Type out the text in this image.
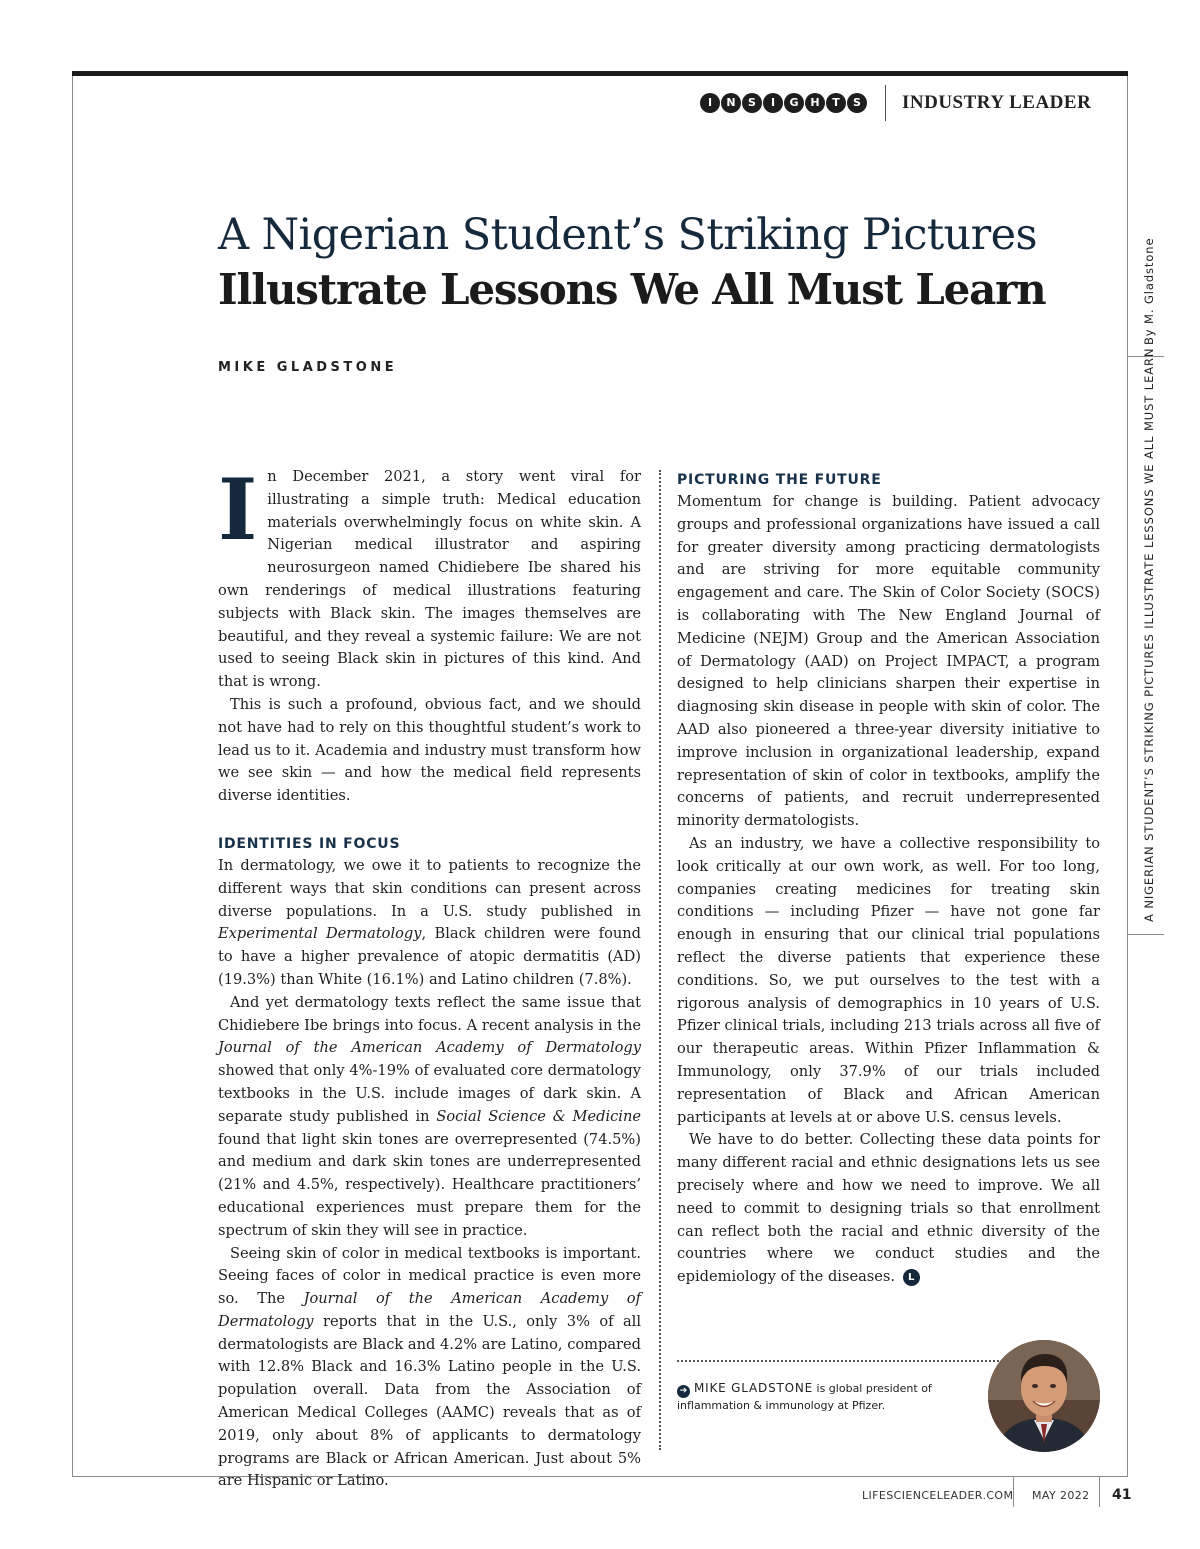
I	N	S	I	G	H	T	S	INDUSTRY LEADER
A Nigerian Student’s Striking Pictures
Illustrate Lessons We All Must Learn
MIKE GLADSTONE
I n December 2021, a story went viral for illustrating a simple truth: Medical education materials overwhelmingly focus on white skin. A Nigerian medical illustrator and aspiring neurosurgeon named Chidiebere Ibe shared his own renderings of medical illustrations featuring subjects with Black skin. The images themselves are beautiful, and they reveal a systemic failure: We are not used to seeing Black skin in pictures of this kind. And that is wrong.

This is such a profound, obvious fact, and we should not have had to rely on this thoughtful student’s work to lead us to it. Academia and industry must transform how we see skin — and how the medical field represents diverse identities.

IDENTITIES IN FOCUS

In dermatology, we owe it to patients to recognize the different ways that skin conditions can present across diverse populations. In a U.S. study published in Experimental Dermatology, Black children were found to have a higher prevalence of atopic dermatitis (AD) (19.3%) than White (16.1%) and Latino children (7.8%).

And yet dermatology texts reflect the same issue that Chidiebere Ibe brings into focus. A recent analysis in the Journal of the American Academy of Dermatology showed that only 4%-19% of evaluated core dermatology textbooks in the U.S. include images of dark skin. A separate study published in Social Science & Medicine found that light skin tones are overrepresented (74.5%) and medium and dark skin tones are underrepresented (21% and 4.5%, respectively). Healthcare practitioners’ educational experiences must prepare them for the spectrum of skin they will see in practice.

Seeing skin of color in medical textbooks is important. Seeing faces of color in medical practice is even more so. The Journal of the American Academy of Dermatology reports that in the U.S., only 3% of all dermatologists are Black and 4.2% are Latino, compared with 12.8% Black and 16.3% Latino people in the U.S. population overall. Data from the Association of American Medical Colleges (AAMC) reveals that as of 2019, only about 8% of applicants to dermatology programs are Black or African American. Just about 5% are Hispanic or Latino.

PICTURING THE FUTURE

Momentum for change is building. Patient advocacy groups and professional organizations have issued a call for greater diversity among practicing dermatologists and are striving for more equitable community engagement and care. The Skin of Color Society (SOCS) is collaborating with The New England Journal of Medicine (NEJM) Group and the American Association of Dermatology (AAD) on Project IMPACT, a program designed to help clinicians sharpen their expertise in diagnosing skin disease in people with skin of color. The AAD also pioneered a three-year diversity initiative to improve inclusion in organizational leadership, expand representation of skin of color in textbooks, amplify the concerns of patients, and recruit underrepresented minority dermatologists.

As an industry, we have a collective responsibility to look critically at our own work, as well. For too long, companies creating medicines for treating skin conditions — including Pfizer — have not gone far enough in ensuring that our clinical trial populations reflect the diverse patients that experience these conditions. So, we put ourselves to the test with a rigorous analysis of demographics in 10 years of U.S. Pfizer clinical trials, including 213 trials across all five of our therapeutic areas. Within Pfizer Inflammation & Immunology, only 37.9% of our trials included representation of Black and African American participants at levels at or above U.S. census levels.

We have to do better. Collecting these data points for many different racial and ethnic designations lets us see precisely where and how we need to improve. We all need to commit to designing trials so that enrollment can reflect both the racial and ethnic diversity of the countries where we conduct studies and the epidemiology of the diseases. L

➔ MIKE GLADSTONE is global president of inflammation & immunology at Pfizer.
By M. Gladstone
A NIGERIAN STUDENT’S STRIKING PICTURES ILLUSTRATE LESSONS WE ALL MUST LEARN
LIFESCIENCELEADER.COM MAY 2022 41
